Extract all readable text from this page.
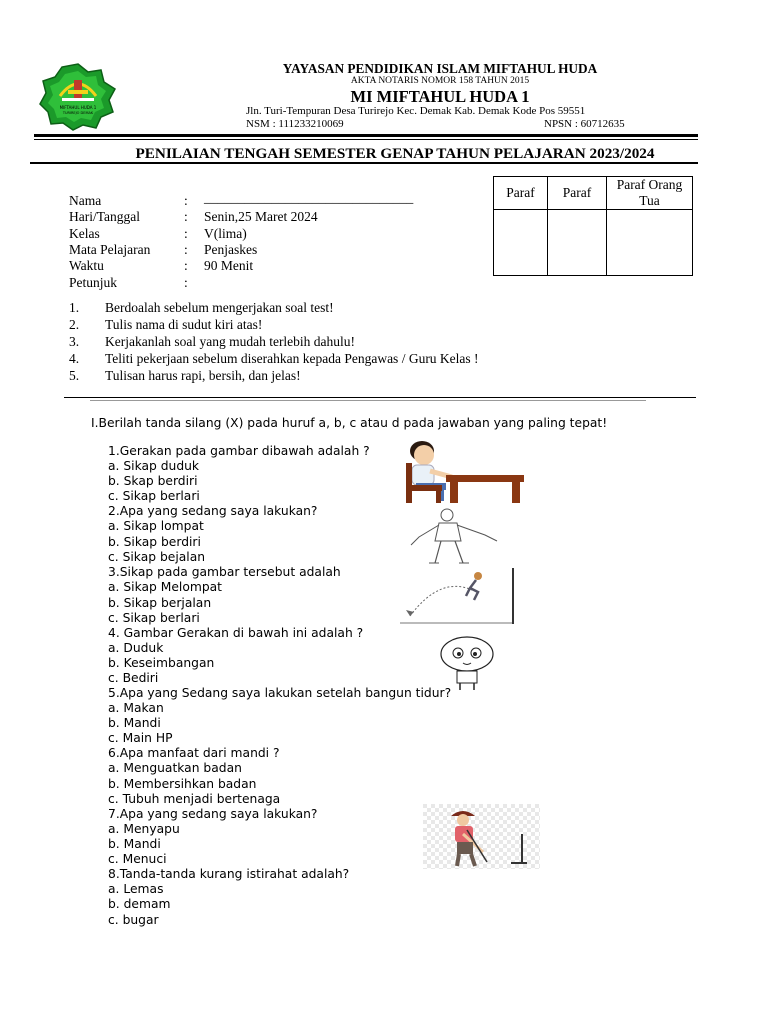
MIFTAHUL HUDA 1
TURIREJO DEMAK
YAYASAN PENDIDIKAN ISLAM MIFTAHUL HUDA
AKTA NOTARIS NOMOR 158 TAHUN 2015
MI MIFTAHUL HUDA 1
Jln. Turi-Tempuran Desa Turirejo Kec. Demak Kab. Demak Kode Pos 59551
NSM : 111233210069	NPSN : 60712635
PENILAIAN TENGAH SEMESTER GENAP TAHUN PELAJARAN 2023/2024
Nama	: _______________________________
Hari/Tanggal	: Senin,25 Maret 2024
Kelas	: V(lima)
Mata Pelajaran : Penjaskes
Waktu	: 90 Menit
Petunjuk	:
Paraf	Paraf	Paraf Orang Tua

1. Berdoalah sebelum mengerjakan soal test!
2. Tulis nama di sudut kiri atas!
3. Kerjakanlah soal yang mudah terlebih dahulu!
4. Teliti pekerjaan sebelum diserahkan kepada Pengawas / Guru Kelas !
5. Tulisan harus rapi, bersih, dan jelas!
I.Berilah tanda silang (X) pada huruf a, b, c atau d pada jawaban yang paling tepat!
1.Gerakan pada gambar dibawah adalah ?
a. Sikap duduk
b. Skap berdiri
c. Sikap berlari
2.Apa yang sedang saya lakukan?
a. Sikap lompat
b. Sikap berdiri
c. Sikap bejalan
3.Sikap pada gambar tersebut adalah
a. Sikap Melompat
b. Sikap berjalan
c. Sikap berlari
4. Gambar Gerakan di bawah ini adalah ?
a. Duduk
b. Keseimbangan
c. Bediri
5.Apa yang Sedang saya lakukan setelah bangun tidur?
a. Makan
b. Mandi
c. Main HP
6.Apa manfaat dari mandi ?
a. Menguatkan badan
b. Membersihkan badan
c. Tubuh menjadi bertenaga
7.Apa yang sedang saya lakukan?
a. Menyapu
b. Mandi
c. Menuci
8.Tanda-tanda kurang istirahat adalah?
a. Lemas
b. demam
c. bugar
